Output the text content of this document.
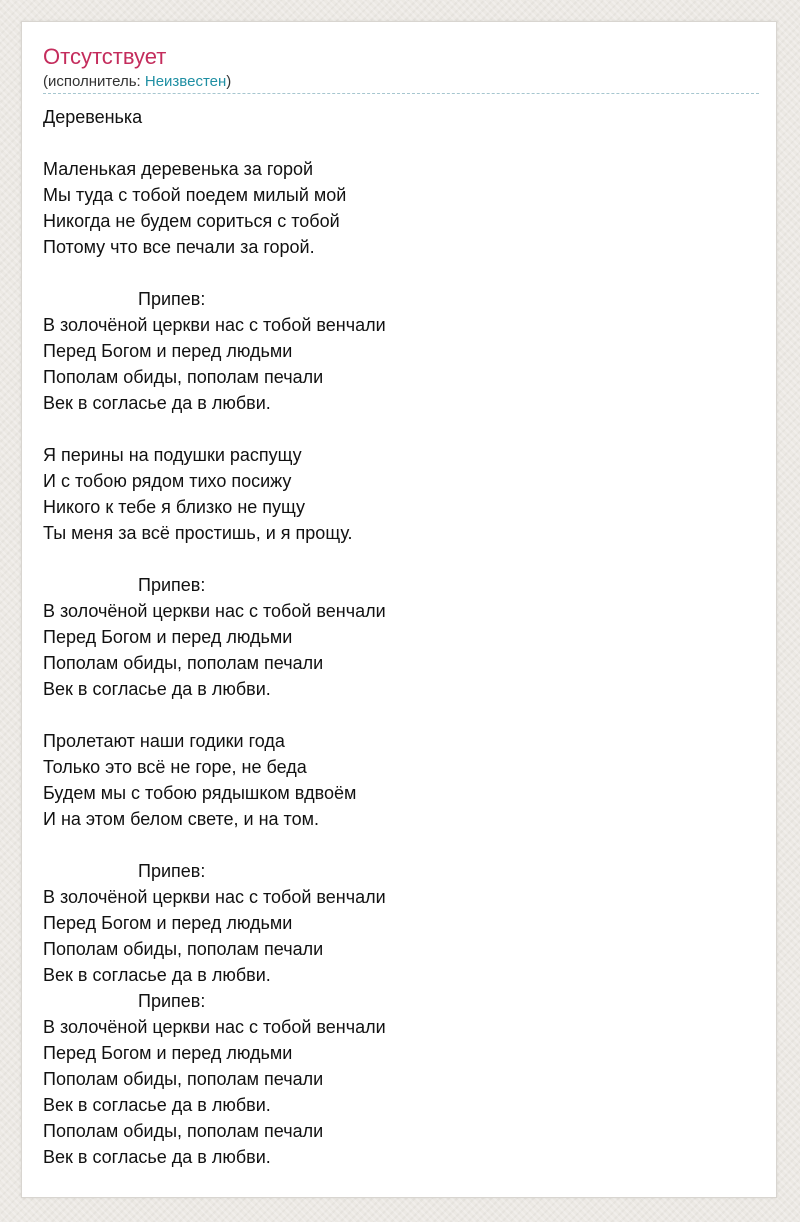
Отсутствует
(исполнитель: Неизвестен)
Деревенька
Маленькая деревенька за горой
Мы туда с тобой поедем милый мой
Никогда не будем сориться с тобой
Потому что все печали за горой.
Припев:
В золочёной церкви нас с тобой венчали
Перед Богом и перед людьми
Пополам обиды, пополам печали
Век в согласье да в любви.
Я перины на подушки распущу
И с тобою рядом тихо посижу
Никого к тебе я близко не пущу
Ты меня за всё простишь, и я прощу.
Припев:
В золочёной церкви нас с тобой венчали
Перед Богом и перед людьми
Пополам обиды, пополам печали
Век в согласье да в любви.
Пролетают наши годики года
Только это всё не горе, не беда
Будем мы с тобою рядышком вдвоём
И на этом белом свете, и на том.
Припев:
В золочёной церкви нас с тобой венчали
Перед Богом и перед людьми
Пополам обиды, пополам печали
Век в согласье да в любви.
Припев:
В золочёной церкви нас с тобой венчали
Перед Богом и перед людьми
Пополам обиды, пополам печали
Век в согласье да в любви.
Пополам обиды, пополам печали
Век в согласье да в любви.
